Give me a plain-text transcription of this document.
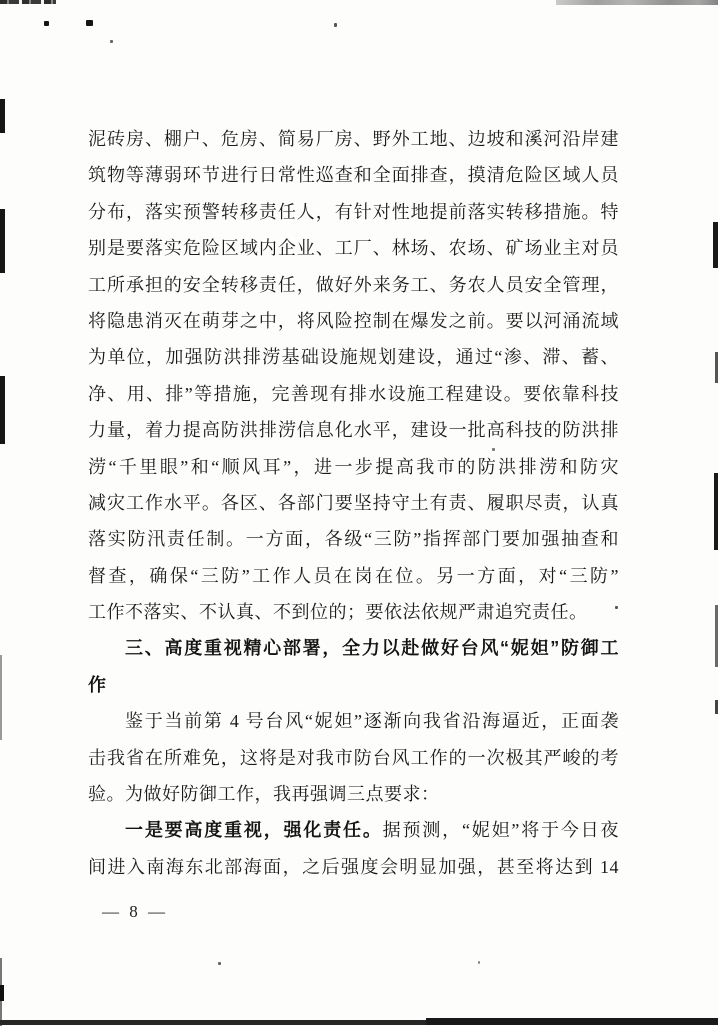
泥砖房、棚户、危房、简易厂房、野外工地、边坡和溪河沿岸建

筑物等薄弱环节进行日常性巡查和全面排查，摸清危险区域人员

分布，落实预警转移责任人，有针对性地提前落实转移措施。特

别是要落实危险区域内企业、工厂、林场、农场、矿场业主对员

工所承担的安全转移责任，做好外来务工、务农人员安全管理，

将隐患消灭在萌芽之中，将风险控制在爆发之前。要以河涌流域

为单位，加强防洪排涝基础设施规划建设，通过“渗、滞、蓄、

净、用、排”等措施，完善现有排水设施工程建设。要依靠科技

力量，着力提高防洪排涝信息化水平，建设一批高科技的防洪排

涝“千里眼”和“顺风耳”，进一步提高我市的防洪排涝和防灾

减灾工作水平。各区、各部门要坚持守土有责、履职尽责，认真

落实防汛责任制。一方面，各级“三防”指挥部门要加强抽查和

督查，确保“三防”工作人员在岗在位。另一方面，对“三防”

工作不落实、不认真、不到位的；要依法依规严肃追究责任。

三、高度重视精心部署，全力以赴做好台风“妮妲”防御工

作

鉴于当前第 4 号台风“妮妲”逐渐向我省沿海逼近，正面袭

击我省在所难免，这将是对我市防台风工作的一次极其严峻的考

验。为做好防御工作，我再强调三点要求：

一是要高度重视，强化责任。据预测，“妮妲”将于今日夜

间进入南海东北部海面，之后强度会明显加强，甚至将达到 14

— 8 —
